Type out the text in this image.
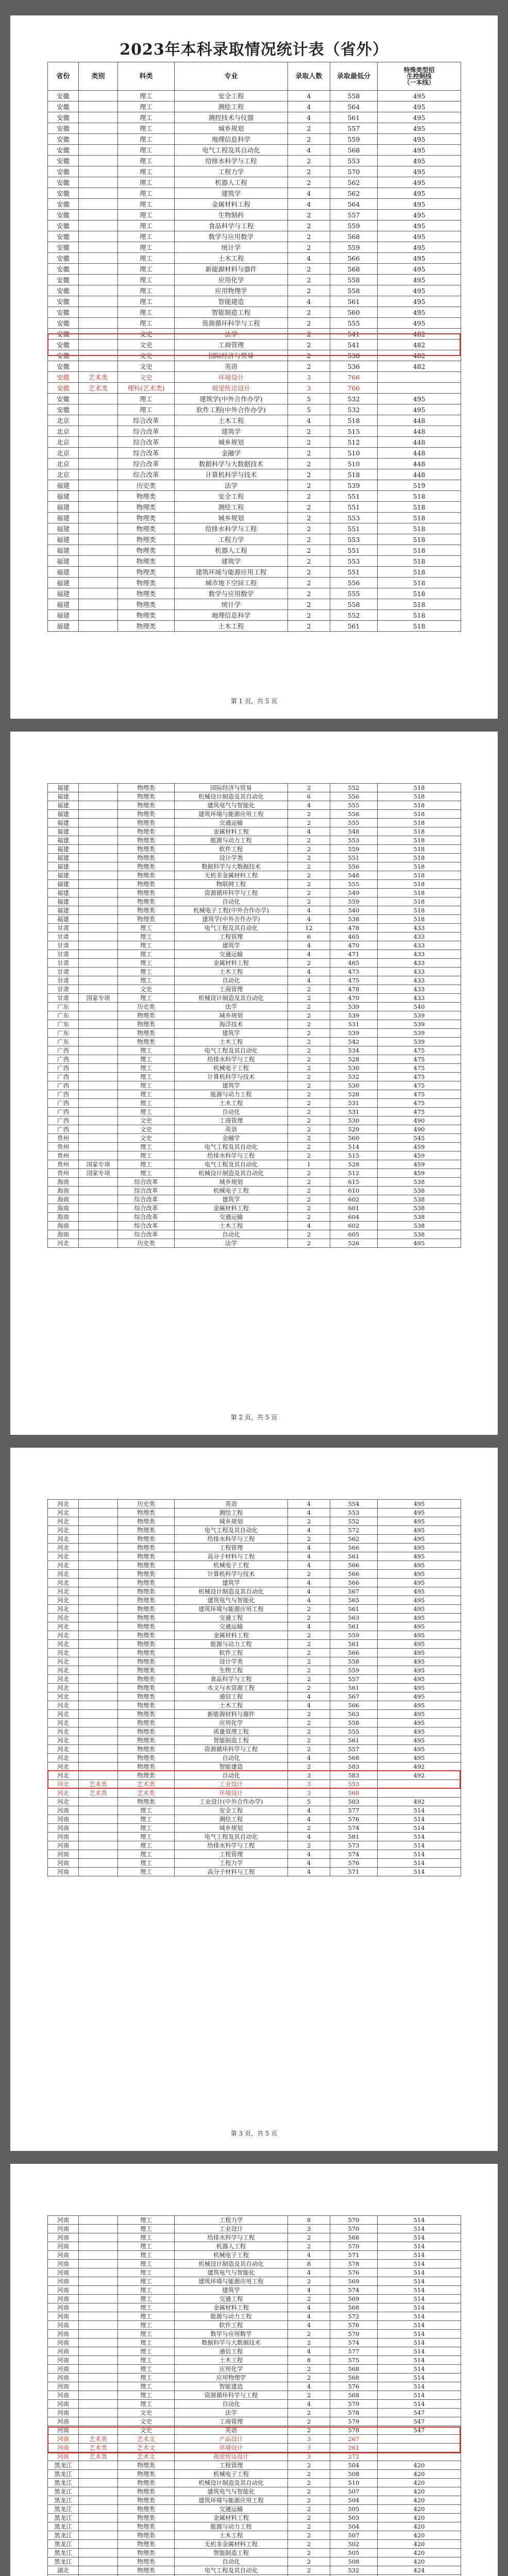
2023年本科录取情况统计表（省外）
省份	类别	科类	专业	录取人数	录取最低分	特殊类型招
生控制线
（一本线）
安徽		理工	安全工程	4	558	495
安徽		理工	测绘工程	4	564	495
安徽		理工	测控技术与仪器	4	561	495
安徽		理工	城乡规划	2	557	495
安徽		理工	地理信息科学	2	559	495
安徽		理工	电气工程及其自动化	4	568	495
安徽		理工	给排水科学与工程	2	553	495
安徽		理工	工程力学	2	570	495
安徽		理工	机器人工程	2	562	495
安徽		理工	建筑学	4	562	495
安徽		理工	金属材料工程	4	564	495
安徽		理工	生物制药	2	557	495
安徽		理工	食品科学与工程	2	559	495
安徽		理工	数学与应用数学	2	568	495
安徽		理工	统计学	2	559	495
安徽		理工	土木工程	4	566	495
安徽		理工	新能源材料与器件	2	568	495
安徽		理工	应用化学	2	558	495
安徽		理工	应用物理学	2	558	495
安徽		理工	智能建造	4	561	495
安徽		理工	智能制造工程	2	560	495
安徽		理工	资源循环科学与工程	2	555	495
安徽		文史	法学	2	541	482
安徽		文史	工商管理	2	541	482
安徽		文史	国际经济与贸易	2	538	482
安徽		文史	英语	2	536	482
安徽	艺术类	文史	环境设计	3	766	
安徽	艺术类	理科(艺术类)	视觉传达设计	3	766	
安徽		理工	建筑学(中外合作办学)	5	532	495
安徽		理工	软件工程(中外合作办学)	5	532	495
北京		综合改革	土木工程	4	518	448
北京		综合改革	建筑学	2	515	448
北京		综合改革	城乡规划	2	512	448
北京		综合改革	金融学	2	510	448
北京		综合改革	数据科学与大数据技术	2	510	448
北京		综合改革	计算机科学与技术	2	518	448
福建		历史类	法学	2	539	519
福建		物理类	安全工程	2	551	518
福建		物理类	测绘工程	2	551	518
福建		物理类	城乡规划	2	553	518
福建		物理类	给排水科学与工程	2	551	518
福建		物理类	工程力学	2	553	518
福建		物理类	机器人工程	2	551	518
福建		物理类	建筑学	2	553	518
福建		物理类	建筑环境与能源应用工程	2	551	518
福建		物理类	城市地下空间工程	2	556	518
福建		物理类	数学与应用数学	2	555	518
福建		物理类	统计学	2	558	518
福建		物理类	地理信息科学	2	552	518
福建		物理类	土木工程	2	561	518
第 1 页，共 5 页
福建		物理类	国际经济与贸易	2	552	518
福建		物理类	机械设计制造及其自动化	6	556	518
福建		物理类	建筑电气与智能化	4	555	518
福建		物理类	建筑环境与能源应用工程	2	558	518
福建		物理类	交通运输	2	555	518
福建		物理类	金属材料工程	4	548	518
福建		物理类	能源与动力工程	2	553	518
福建		物理类	软件工程	2	559	518
福建		物理类	设计学类	2	551	518
福建		物理类	数据科学与大数据技术	2	556	518
福建		物理类	无机非金属材料工程	2	548	518
福建		物理类	物联网工程	2	555	518
福建		物理类	资源循环科学与工程	2	549	518
福建		物理类	自动化	2	559	518
福建		物理类	机械电子工程(中外合作办学)	4	540	518
福建		物理类	建筑学(中外合作办学)	4	538	518
甘肃		理工	电气工程及其自动化	12	478	433
甘肃		理工	工程管理	6	465	433
甘肃		理工	建筑学	4	470	433
甘肃		理工	交通运输	4	471	433
甘肃		理工	金属材料工程	2	465	433
甘肃		理工	土木工程	4	473	433
甘肃		理工	自动化	4	475	433
甘肃		文史	工商管理	2	478	433
甘肃	国家专项	理工	机械设计制造及其自动化	2	470	433
广东		历史类	法学	2	539	540
广东		物理类	城乡规划	2	539	539
广东		物理类	海洋技术	2	531	539
广东		物理类	建筑学	2	539	539
广东		物理类	土木工程	2	542	539
广西		理工	电气工程及其自动化	2	534	475
广西		理工	给排水科学与工程	2	528	475
广西		理工	机械电子工程	2	530	475
广西		理工	计算机科学与技术	2	532	475
广西		理工	建筑学	2	530	475
广西		理工	能源与动力工程	2	528	475
广西		理工	土木工程	2	531	475
广西		理工	自动化	2	531	475
广西		文史	工商管理	2	530	490
广西		文史	英语	2	529	490
贵州		文史	金融学	2	560	545
贵州		理工	电气工程及其自动化	2	514	459
贵州		理工	给排水科学与工程	2	515	459
贵州	国家专项	理工	电气工程及其自动化	1	528	459
贵州	国家专项	理工	机械设计制造及其自动化	2	512	459
海南		综合改革	城乡规划	2	615	538
海南		综合改革	机械电子工程	2	610	538
海南		综合改革	建筑学	2	602	538
海南		综合改革	金属材料工程	2	601	538
海南		综合改革	交通运输	2	604	538
海南		综合改革	土木工程	4	602	538
海南		综合改革	自动化	2	605	538
河北		历史类	法学	2	526	495
第 2 页，共 5 页
河北		历史类	英语	4	554	495
河北		物理类	测绘工程	4	553	495
河北		物理类	城乡规划	2	552	495
河北		物理类	电气工程及其自动化	4	572	495
河北		物理类	给排水科学与工程	2	562	495
河北		物理类	工程管理	4	566	495
河北		物理类	高分子材料与工程	4	561	495
河北		物理类	机械电子工程	4	566	495
河北		物理类	计算机科学与技术	2	566	495
河北		物理类	建筑学	4	566	495
河北		物理类	机械设计制造及其自动化	4	567	495
河北		物理类	建筑电气与智能化	4	565	495
河北		物理类	建筑环境与能源应用工程	2	561	495
河北		物理类	交通工程	2	563	495
河北		物理类	交通运输	4	561	495
河北		物理类	金属材料工程	2	559	495
河北		物理类	能源与动力工程	2	561	495
河北		物理类	软件工程	2	566	495
河北		物理类	设计学类	2	558	495
河北		物理类	生物工程	2	559	495
河北		物理类	食品科学与工程	2	557	495
河北		物理类	水文与水资源工程	2	561	495
河北		物理类	通信工程	4	567	495
河北		物理类	土木工程	4	566	495
河北		物理类	新能源材料与器件	2	563	495
河北		物理类	应用化学	2	558	495
河北		物理类	质量管理工程	2	555	495
河北		物理类	智能制造工程	2	561	495
河北		物理类	资源循环科学与工程	2	557	495
河北		物理类	自动化	4	568	495
河北		物理类	智能建造	2	583	492
河北		物理类	自动化	3	583	492
河北	艺术类	艺术类	工业设计	3	553	
河北	艺术类	艺术类	环境设计	3	568	
河北		物理类	工业设计(中外合作办学)	5	503	492
河南		理工	安全工程	4	577	514
河南		理工	测绘工程	4	576	514
河南		理工	城乡规划	2	574	514
河南		理工	电气工程及其自动化	4	581	514
河南		理工	给排水科学与工程	2	573	514
河南		理工	工程管理	4	574	514
河南		理工	工程力学	4	576	514
河南		理工	高分子材料与工程	4	571	514
第 3 页，共 5 页
河南		理工	工程力学	8	570	514
河南		理工	工业设计	3	570	514
河南		理工	给排水科学与工程	2	568	514
河南		理工	机器人工程	2	570	514
河南		理工	机械电子工程	4	571	514
河南		理工	机械设计制造及其自动化	8	578	514
河南		理工	建筑电气与智能化	4	576	514
河南		理工	建筑环境与能源应用工程	2	569	514
河南		理工	建筑学	4	574	514
河南		理工	交通工程	2	569	514
河南		理工	金属材料工程	4	568	514
河南		理工	能源与动力工程	4	572	514
河南		理工	软件工程	4	576	514
河南		理工	数学与应用数学	2	570	514
河南		理工	数据科学与大数据技术	2	574	514
河南		理工	通信工程	4	577	514
河南		理工	土木工程	8	575	514
河南		理工	应用化学	2	568	514
河南		理工	应用物理学	2	568	514
河南		理工	智能建造	4	576	514
河南		理工	资源循环科学与工程	2	568	514
河南		理工	自动化	4	579	514
河南		文史	法学	2	578	547
河南		文史	工商管理	2	579	547
河南		文史	英语	2	578	547
河南	艺术类	艺术文	产品设计	3	267	
河南	艺术类	艺术文	环境设计	3	261	
河南	艺术类	艺术文	视觉传达设计	3	272	
黑龙江		物理类	工程管理	2	504	420
黑龙江		物理类	机械电子工程	2	508	420
黑龙江		物理类	机械设计制造及其自动化	2	510	420
黑龙江		物理类	建筑电气与智能化	2	507	420
黑龙江		物理类	建筑环境与能源应用工程	2	504	420
黑龙江		物理类	交通运输	2	505	420
黑龙江		物理类	金属材料工程	2	503	420
黑龙江		物理类	能源与动力工程	2	504	420
黑龙江		物理类	土木工程	2	507	420
黑龙江		物理类	无机非金属材料工程	2	502	420
黑龙江		物理类	智能制造工程	2	505	420
黑龙江		物理类	自动化	2	508	420
湖北		物理类	电气工程及其自动化	2	532	424
